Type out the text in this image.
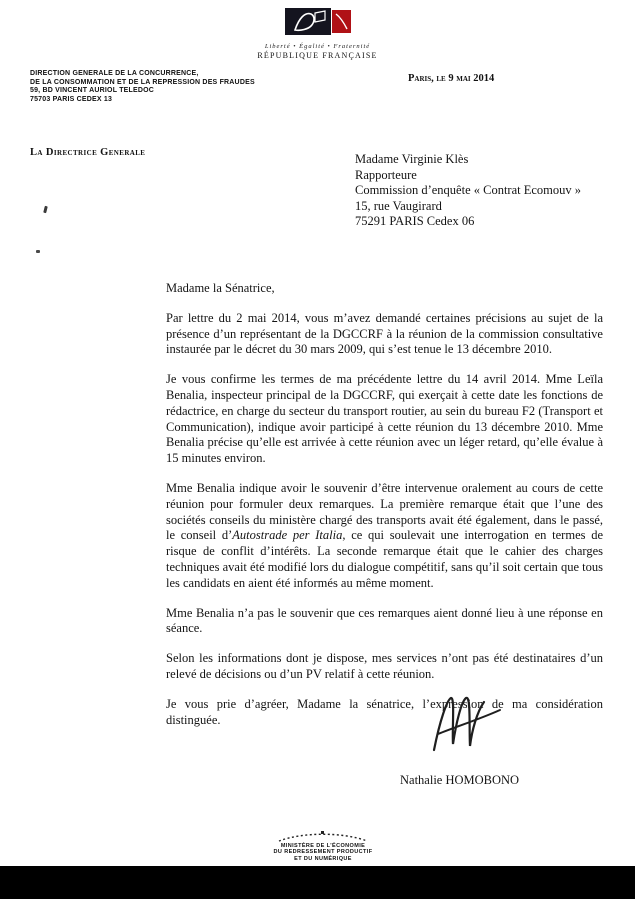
Liberté • Égalité • Fraternité
RÉPUBLIQUE FRANÇAISE
DIRECTION GENERALE DE LA CONCURRENCE,
DE LA CONSOMMATION ET DE LA REPRESSION DES FRAUDES
59, BD VINCENT AURIOL TELEDOC
75703 PARIS CEDEX 13
Paris, le 9 mai 2014
La Directrice Generale	Madame Virginie Klès
Rapporteure
Commission d’enquête « Contrat Ecomouv »
15, rue Vaugirard
75291 PARIS Cedex 06

Madame la Sénatrice,

Par lettre du 2 mai 2014, vous m’avez demandé certaines précisions au sujet de la présence d’un représentant de la DGCCRF à la réunion de la commission consultative instaurée par le décret du 30 mars 2009, qui s’est tenue le 13 décembre 2010.

Je vous confirme les termes de ma précédente lettre du 14 avril 2014. Mme Leïla Benalia, inspecteur principal de la DGCCRF, qui exerçait à cette date les fonctions de rédactrice, en charge du secteur du transport routier, au sein du bureau F2 (Transport et Communication), indique avoir participé à cette réunion du 13 décembre 2010. Mme Benalia précise qu’elle est arrivée à cette réunion avec un léger retard, qu’elle évalue à 15 minutes environ.

Mme Benalia indique avoir le souvenir d’être intervenue oralement au cours de cette réunion pour formuler deux remarques. La première remarque était que l’une des sociétés conseils du ministère chargé des transports avait été également, dans le passé, le conseil d’Autostrade per Italia, ce qui soulevait une interrogation en termes de risque de conflit d’intérêts. La seconde remarque était que le cahier des charges techniques avait été modifié lors du dialogue compétitif, sans qu’il soit certain que tous les candidats en aient été informés au même moment.

Mme Benalia n’a pas le souvenir que ces remarques aient donné lieu à une réponse en séance.

Selon les informations dont je dispose, mes services n’ont pas été destinataires d’un relevé de décisions ou d’un PV relatif à cette réunion.

Je vous prie d’agréer, Madame la sénatrice, l’expression de ma considération distinguée.

Nathalie HOMOBONO
MINISTÈRE DE L’ÉCONOMIE
DU REDRESSEMENT PRODUCTIF
ET DU NUMÉRIQUE
